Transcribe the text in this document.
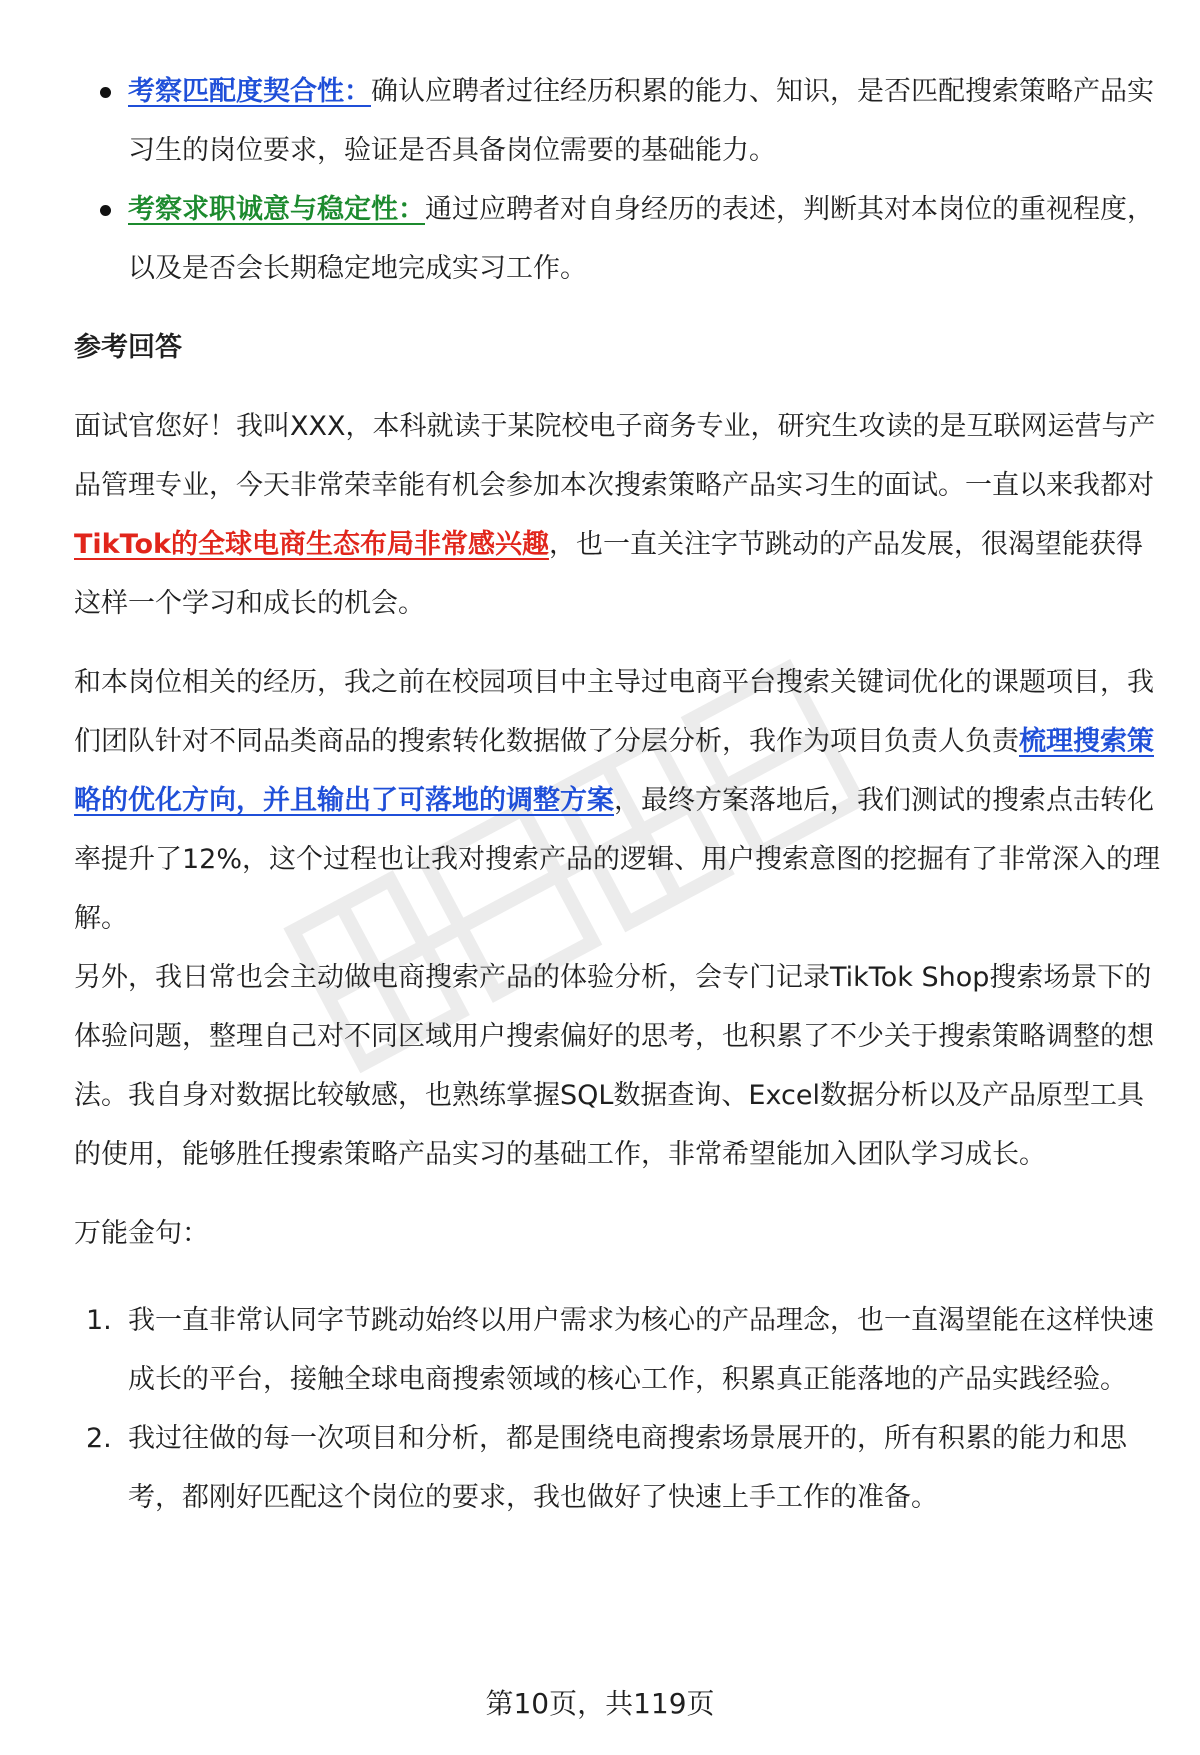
考察匹配度契合性：确认应聘者过往经历积累的能力、知识，是否匹配搜索策略产品实习生的岗位要求，验证是否具备岗位需要的基础能力。
考察求职诚意与稳定性：通过应聘者对自身经历的表述，判断其对本岗位的重视程度，以及是否会长期稳定地完成实习工作。
参考回答

面试官您好！我叫XXX，本科就读于某院校电子商务专业，研究生攻读的是互联网运营与产品管理专业，今天非常荣幸能有机会参加本次搜索策略产品实习生的面试。一直以来我都对TikTok的全球电商生态布局非常感兴趣，也一直关注字节跳动的产品发展，很渴望能获得这样一个学习和成长的机会。

和本岗位相关的经历，我之前在校园项目中主导过电商平台搜索关键词优化的课题项目，我们团队针对不同品类商品的搜索转化数据做了分层分析，我作为项目负责人负责梳理搜索策略的优化方向，并且输出了可落地的调整方案，最终方案落地后，我们测试的搜索点击转化率提升了12%，这个过程也让我对搜索产品的逻辑、用户搜索意图的挖掘有了非常深入的理解。

另外，我日常也会主动做电商搜索产品的体验分析，会专门记录TikTok Shop搜索场景下的体验问题，整理自己对不同区域用户搜索偏好的思考，也积累了不少关于搜索策略调整的想法。我自身对数据比较敏感，也熟练掌握SQL数据查询、Excel数据分析以及产品原型工具的使用，能够胜任搜索策略产品实习的基础工作，非常希望能加入团队学习成长。

万能金句：

1. 我一直非常认同字节跳动始终以用户需求为核心的产品理念，也一直渴望能在这样快速成长的平台，接触全球电商搜索领域的核心工作，积累真正能落地的产品实践经验。
2. 我过往做的每一次项目和分析，都是围绕电商搜索场景展开的，所有积累的能力和思考，都刚好匹配这个岗位的要求，我也做好了快速上手工作的准备。
第10页，共119页
